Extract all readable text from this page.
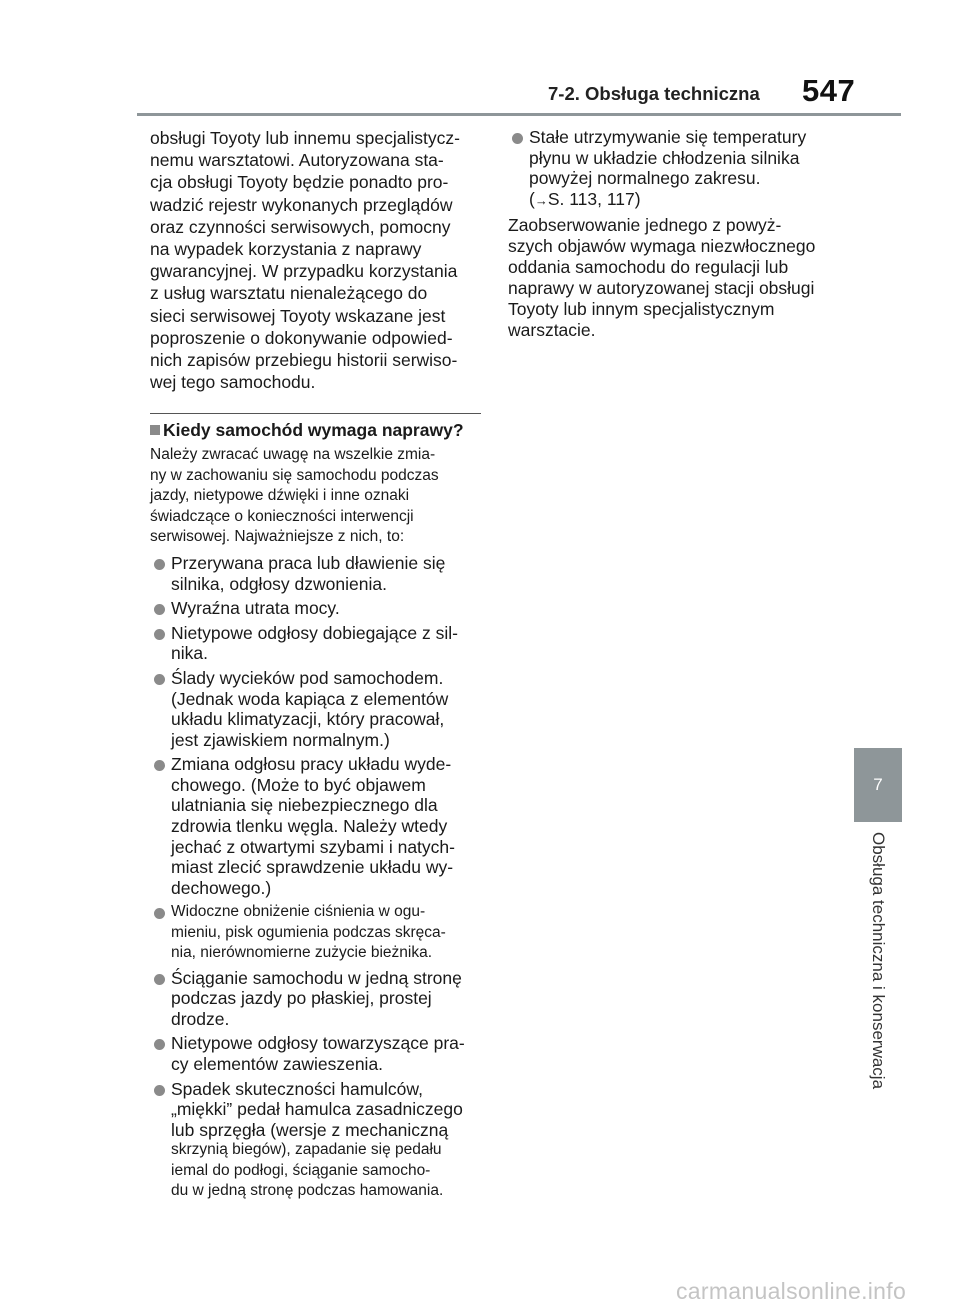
7-2. Obsługa techniczna 547

obsługi Toyoty lub innemu specjalistycz-
nemu warsztatowi. Autoryzowana sta-
cja obsługi Toyoty będzie ponadto pro-
wadzić rejestr wykonanych przeglądów
oraz czynności serwisowych, pomocny
na wypadek korzystania z naprawy
gwarancyjnej. W przypadku korzystania
z usług warsztatu nienależącego do
sieci serwisowej Toyoty wskazane jest
poproszenie o dokonywanie odpowied-
nich zapisów przebiegu historii serwiso-
wej tego samochodu.

Kiedy samochód wymaga naprawy?

Należy zwracać uwagę na wszelkie zmia-
ny w zachowaniu się samochodu podczas
jazdy, nietypowe dźwięki i inne oznaki
świadczące o konieczności interwencji
serwisowej. Najważniejsze z nich, to:

Przerywana praca lub dławienie się
silnika, odgłosy dzwonienia.
Wyraźna utrata mocy.
Nietypowe odgłosy dobiegające z sil-
nika.
Ślady wycieków pod samochodem.
(Jednak woda kapiąca z elementów
układu klimatyzacji, który pracował,
jest zjawiskiem normalnym.)
Zmiana odgłosu pracy układu wyde-
chowego. (Może to być objawem
ulatniania się niebezpiecznego dla
zdrowia tlenku węgla. Należy wtedy
jechać z otwartymi szybami i natych-
miast zlecić sprawdzenie układu wy-
dechowego.)
Widoczne obniżenie ciśnienia w ogu-
mieniu, pisk ogumienia podczas skręca-
nia, nierównomierne zużycie bieżnika.
Ściąganie samochodu w jedną stronę
podczas jazdy po płaskiej, prostej
drodze.
Nietypowe odgłosy towarzyszące pra-
cy elementów zawieszenia.
Spadek skuteczności hamulców,
„miękki” pedał hamulca zasadniczego
lub sprzęgła (wersje z mechaniczną
skrzynią biegów), zapadanie się pedału
iemal do podłogi, ściąganie samocho-
du w jedną stronę podczas hamowania.
Stałe utrzymywanie się temperatury
płynu w układzie chłodzenia silnika
powyżej normalnego zakresu.
(→S. 113, 117)

Zaobserwowanie jednego z powyż-
szych objawów wymaga niezwłocznego
oddania samochodu do regulacji lub
naprawy w autoryzowanej stacji obsługi
Toyoty lub innym specjalistycznym
warsztacie.

7
Obsługa techniczna i konserwacja
carmanualsonline.info
